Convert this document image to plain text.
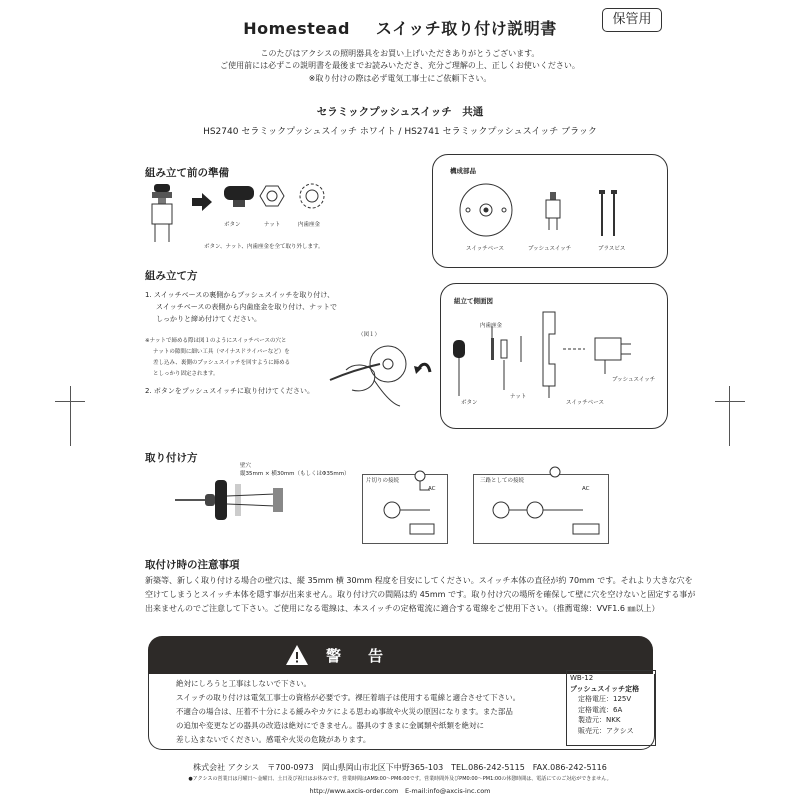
Homestead スイッチ取り付け説明書	保管用
このたびはアクシスの照明器具をお買い上げいただきありがとうございます。
ご使用前には必ずこの説明書を最後までお読みいただき、充分ご理解の上、正しくお使いください。
※取り付けの際は必ず電気工事士にご依頼下さい。
セラミックプッシュスイッチ　共通
HS2740 セラミックプッシュスイッチ ホワイト / HS2741 セラミックプッシュスイッチ ブラック
組み立て前の準備
ボタン	ナット	内歯座金
ボタン、ナット、内歯座金を全て取り外します。
構成部品
スイッチベース	プッシュスイッチ	プラスビス
組み立て方
1. スイッチベースの裏側からプッシュスイッチを取り付け、
スイッチベースの表側から内歯座金を取り付け、ナットで
しっかりと締め付けてください。
※ナットで締める際は図１のようにスイッチベースの穴と
ナットの隙間に細い工具（マイナスドライバーなど）を
差し込み、裏側のプッシュスイッチを回すように締める
としっかり固定されます。
2. ボタンをプッシュスイッチに取り付けてください。
（図１）
組立て側面図
内歯座金
ボタン
ナット
スイッチベース
プッシュスイッチ
取り付け方
壁穴
縦35mm × 横30mm（もしくはΦ35mm）
片切りの接続
AC
三路としての接続
AC
取付け時の注意事項
新築等、新しく取り付ける場合の壁穴は、縦 35mm 横 30mm 程度を目安にしてください。スイッチ本体の直径が約 70mm です。それより大きな穴を
空けてしまうとスイッチ本体を隠す事が出来ません。取り付け穴の間隔は約 45mm です。取り付け穴の場所を確保して壁に穴を空けないと固定する事が
出来ませんのでご注意して下さい。ご使用になる電線は、本スイッチの定格電流に適合する電線をご使用下さい。（推薦電線：VVF1.6 ㎜以上）
警　告
絶対にしろうと工事はしないで下さい。
スイッチの取り付けは電気工事士の資格が必要です。裸圧着端子は使用する電線と適合させて下さい。
不適合の場合は、圧着不十分による緩みやカケによる思わぬ事故や火災の原因になります。また部品
の追加や変更などの器具の改造は絶対にできません。器具のすきまに金属類や紙類を絶対に
差し込まないでください。感電や火災の危険があります。
WB-12
プッシュスイッチ定格
定格電圧：125V
定格電流：6A
製造元：NKK
販売元：アクシス
株式会社 アクシス　〒700-0973　岡山県岡山市北区下中野365-103　TEL.086-242-5115　FAX.086-242-5116
●アクシスの営業日は月曜日～金曜日、土日及び祝日はお休みです。営業時間はAM9:00～PM6:00です。営業時間外及びPM0:00～PM1:00の休憩時間は、電話にてのご対応ができません。
http://www.axcis-order.com　E-mail:info@axcis-inc.com
